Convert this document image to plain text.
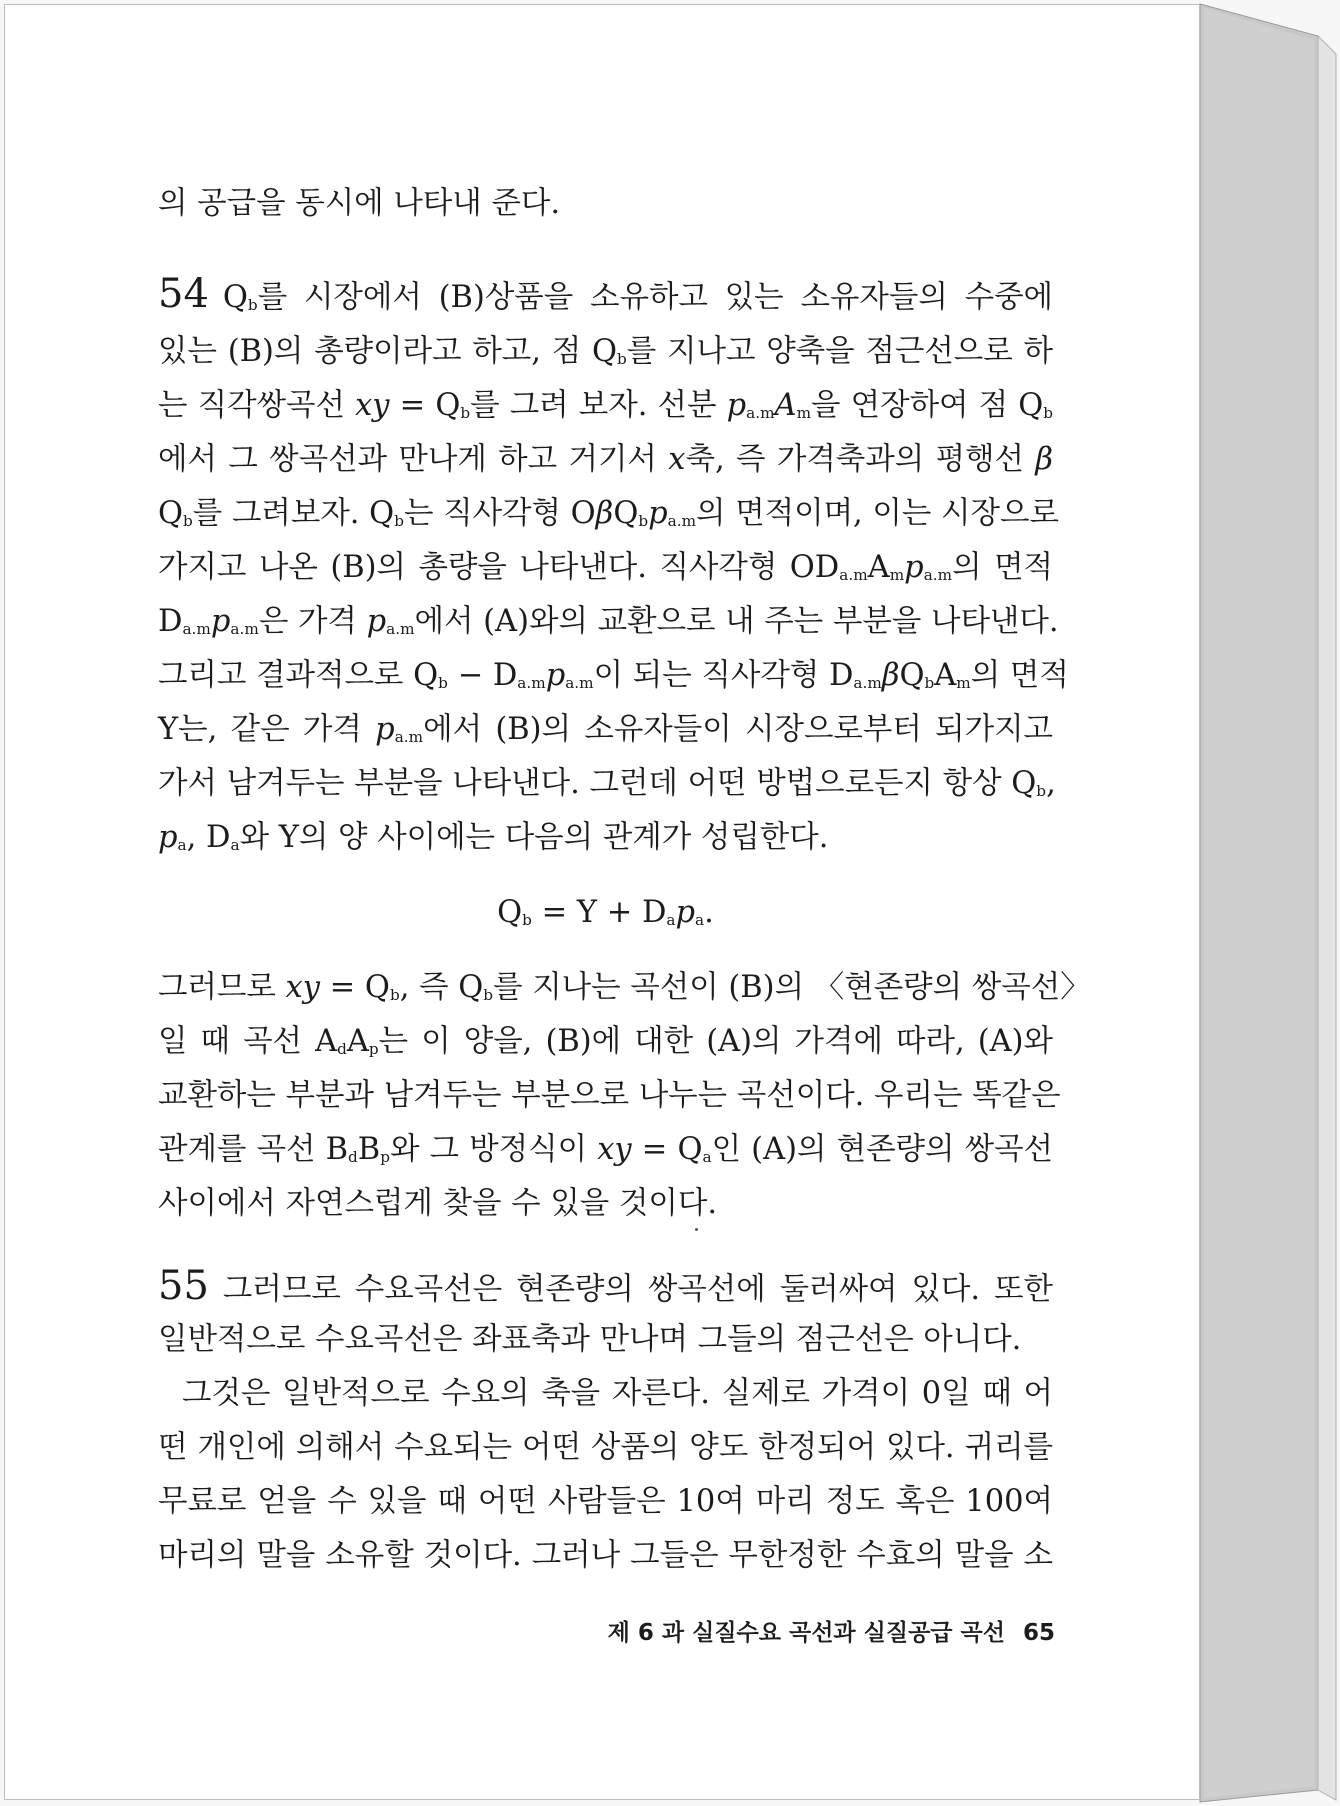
의 공급을 동시에 나타내 준다.
54 $Q_b$를 시장에서 (B)상품을 소유하고 있는 소유자들의 수중에
있는 (B)의 총량이라고 하고, 점 $Q_b$를 지나고 양축을 점근선으로 하
는 직각쌍곡선 xy = $Q_b$를 그려 보자. 선분 $p_{a.m}A_m$을 연장하여 점 $Q_b$
에서 그 쌍곡선과 만나게 하고 거기서 x축, 즉 가격축과의 평행선 β
$Q_b$를 그려보자. $Q_b$는 직사각형 $O\beta Q_bp_{a.m}$의 면적이며, 이는 시장으로
가지고 나온 (B)의 총량을 나타낸다. 직사각형 $OD_{a.m}A_mp_{a.m}$의 면적
$D_{a.m}p_{a.m}$은 가격 $p_{a.m}$에서 (A)와의 교환으로 내 주는 부분을 나타낸다.
그리고 결과적으로 $Q_b - D_{a.m}p_{a.m}$이 되는 직사각형 $D_{a.m}\beta Q_bA_m$의 면적
Y는, 같은 가격 $p_{a.m}$에서 (B)의 소유자들이 시장으로부터 되가지고
가서 남겨두는 부분을 나타낸다. 그런데 어떤 방법으로든지 항상 $Q_b$,
$p_a$, $D_a$와 Y의 양 사이에는 다음의 관계가 성립한다.
$Q_b = Y + D_ap_a$.
그러므로 xy = $Q_b$, 즉 $Q_b$를 지나는 곡선이 (B)의 〈현존량의 쌍곡선〉
일 때 곡선 $A_dA_p$는 이 양을, (B)에 대한 (A)의 가격에 따라, (A)와
교환하는 부분과 남겨두는 부분으로 나누는 곡선이다. 우리는 똑같은
관계를 곡선 $B_dB_p$와 그 방정식이 xy = $Q_a$인 (A)의 현존량의 쌍곡선
사이에서 자연스럽게 찾을 수 있을 것이다.
55 그러므로 수요곡선은 현존량의 쌍곡선에 둘러싸여 있다. 또한
일반적으로 수요곡선은 좌표축과 만나며 그들의 점근선은 아니다.
그것은 일반적으로 수요의 축을 자른다. 실제로 가격이 0일 때 어
떤 개인에 의해서 수요되는 어떤 상품의 양도 한정되어 있다. 귀리를
무료로 얻을 수 있을 때 어떤 사람들은 10여 마리 정도 혹은 100여
마리의 말을 소유할 것이다. 그러나 그들은 무한정한 수효의 말을 소
제 6 과 실질수요 곡선과 실질공급 곡선 65
